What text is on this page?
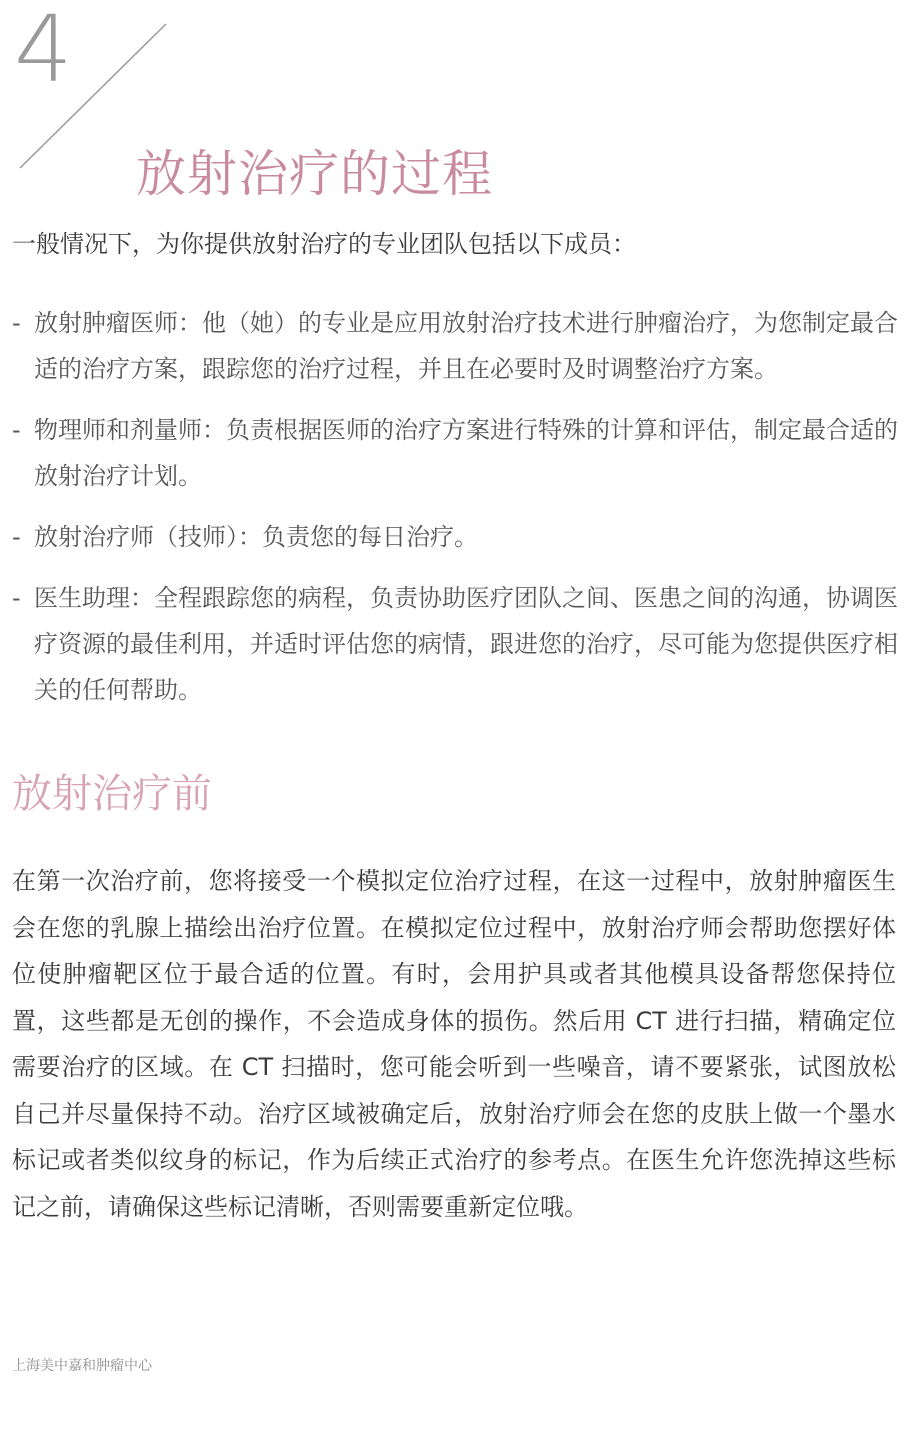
4
放射治疗的过程

一般情况下，为你提供放射治疗的专业团队包括以下成员：

- 放射肿瘤医师：他（她）的专业是应用放射治疗技术进行肿瘤治疗，为您制定最合适的治疗方案，跟踪您的治疗过程，并且在必要时及时调整治疗方案。
- 物理师和剂量师：负责根据医师的治疗方案进行特殊的计算和评估，制定最合适的放射治疗计划。
- 放射治疗师（技师）：负责您的每日治疗。
- 医生助理：全程跟踪您的病程，负责协助医疗团队之间、医患之间的沟通，协调医疗资源的最佳利用，并适时评估您的病情，跟进您的治疗，尽可能为您提供医疗相关的任何帮助。
放射治疗前

在第一次治疗前，您将接受一个模拟定位治疗过程，在这一过程中，放射肿瘤医生会在您的乳腺上描绘出治疗位置。在模拟定位过程中，放射治疗师会帮助您摆好体位使肿瘤靶区位于最合适的位置。有时，会用护具或者其他模具设备帮您保持位置，这些都是无创的操作，不会造成身体的损伤。然后用 CT 进行扫描，精确定位需要治疗的区域。在 CT 扫描时，您可能会听到一些噪音，请不要紧张，试图放松自己并尽量保持不动。治疗区域被确定后，放射治疗师会在您的皮肤上做一个墨水标记或者类似纹身的标记，作为后续正式治疗的参考点。在医生允许您洗掉这些标记之前，请确保这些标记清晰，否则需要重新定位哦。

上海美中嘉和肿瘤中心
